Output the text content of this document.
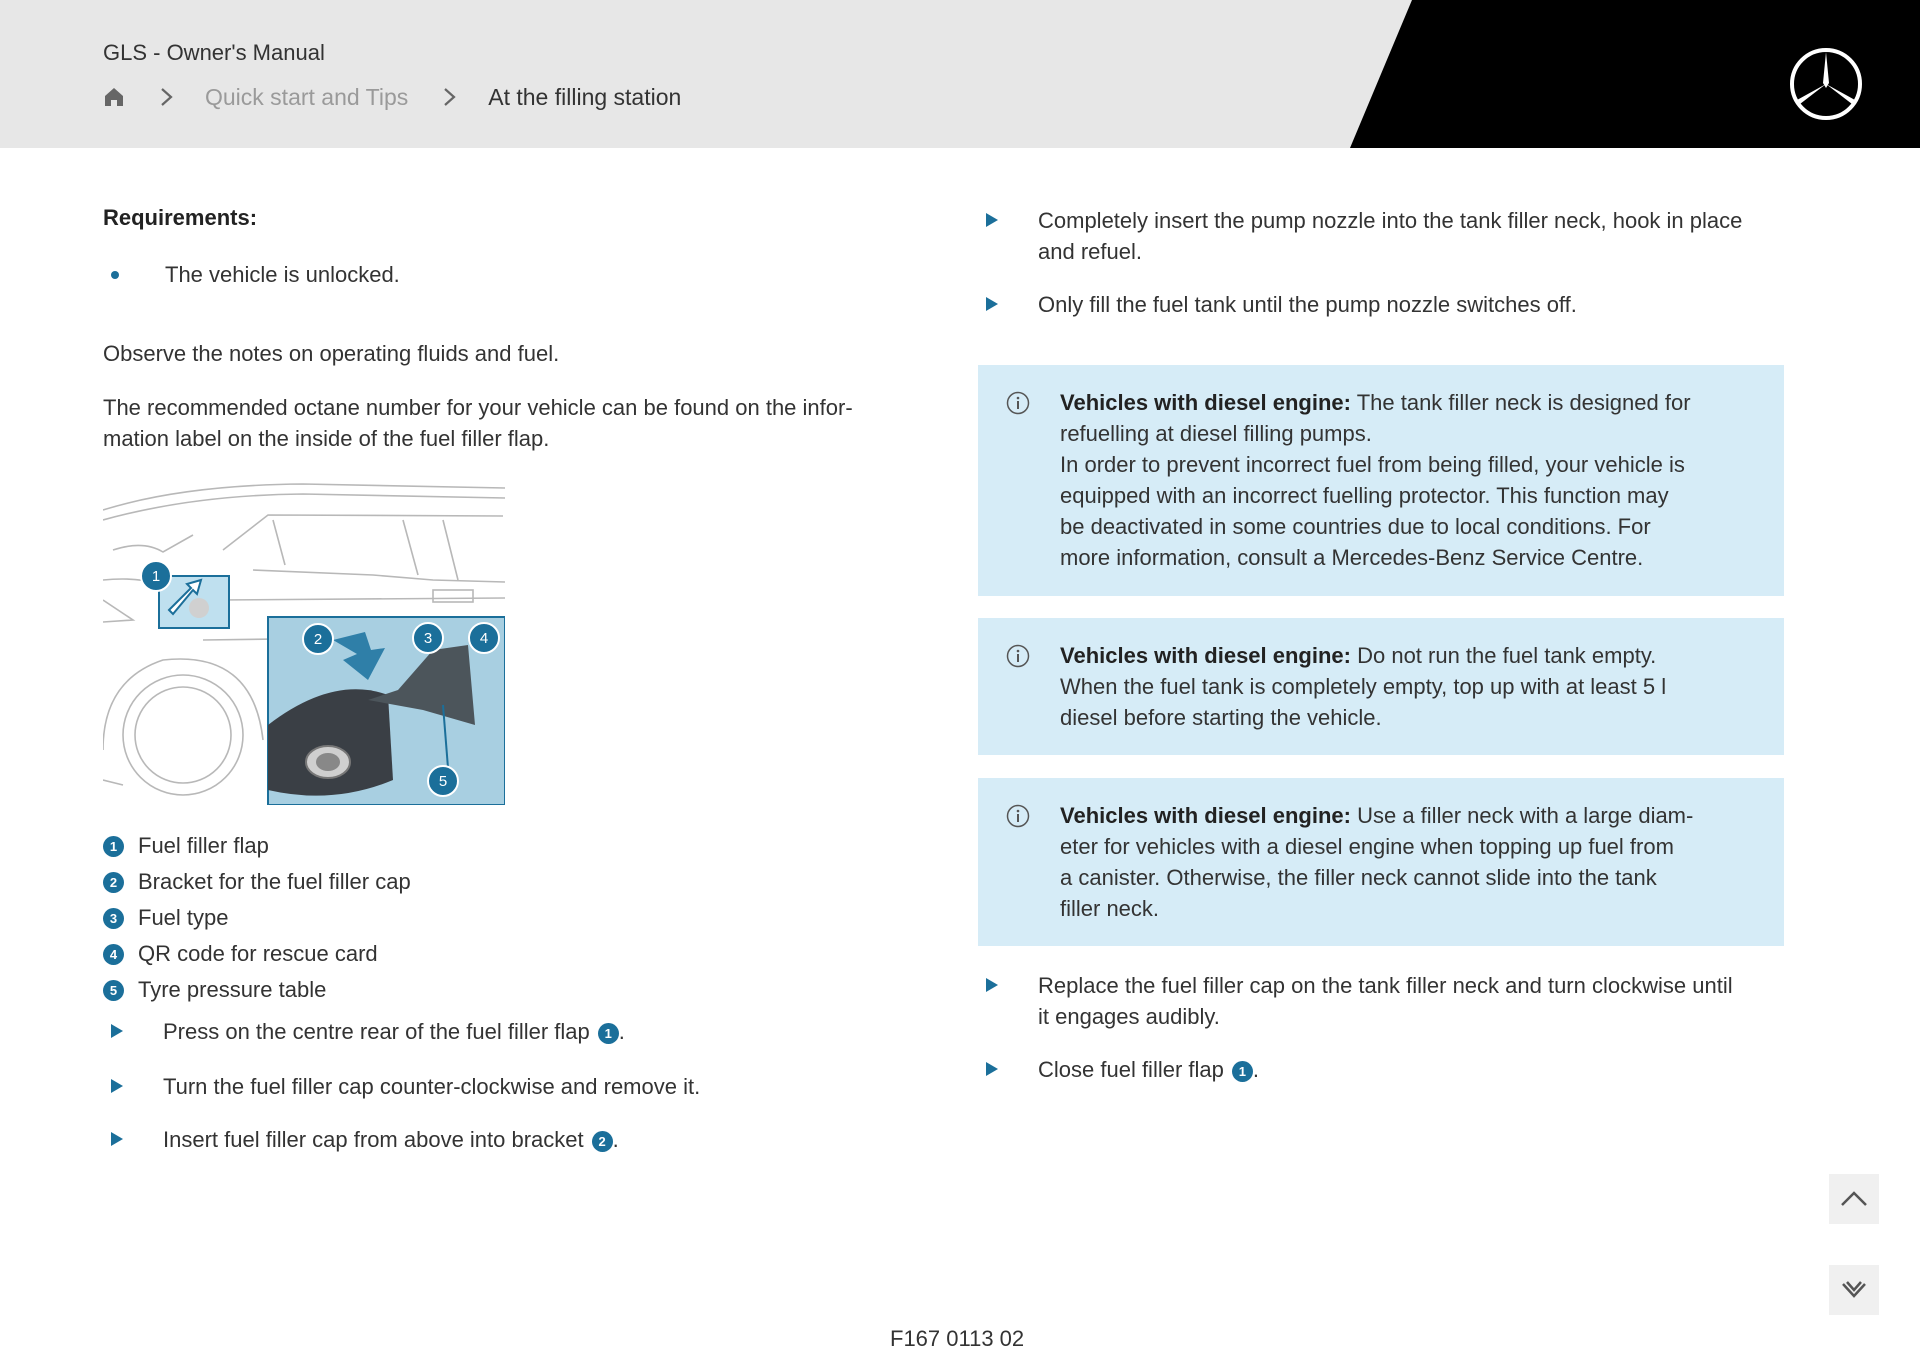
GLS - Owner's Manual
Quick start and Tips	At the filling station

Requirements:

The vehicle is unlocked.

Observe the notes on operating fluids and fuel.

The recommended octane number for your vehicle can be found on the infor-
mation label on the inside of the fuel filler flap.

1
2	3	4
5
1 Fuel filler flap
2 Bracket for the fuel filler cap
3 Fuel type
4 QR code for rescue card
5 Tyre pressure table
Press on the centre rear of the fuel filler flap 1 .
Turn the fuel filler cap counter-clockwise and remove it.
Insert fuel filler cap from above into bracket 2 .
Completely insert the pump nozzle into the tank filler neck, hook in place
and refuel.
Only fill the fuel tank until the pump nozzle switches off.
Vehicles with diesel engine: The tank filler neck is designed for
refuelling at diesel filling pumps.
In order to prevent incorrect fuel from being filled, your vehicle is
equipped with an incorrect fuelling protector. This function may
be deactivated in some countries due to local conditions. For
more information, consult a Mercedes-Benz Service Centre.
Vehicles with diesel engine: Do not run the fuel tank empty.
When the fuel tank is completely empty, top up with at least 5 l
diesel before starting the vehicle.
Vehicles with diesel engine: Use a filler neck with a large diam-
eter for vehicles with a diesel engine when topping up fuel from
a canister. Otherwise, the filler neck cannot slide into the tank
filler neck.
Replace the fuel filler cap on the tank filler neck and turn clockwise until
it engages audibly.
Close fuel filler flap 1 .
F167 0113 02
